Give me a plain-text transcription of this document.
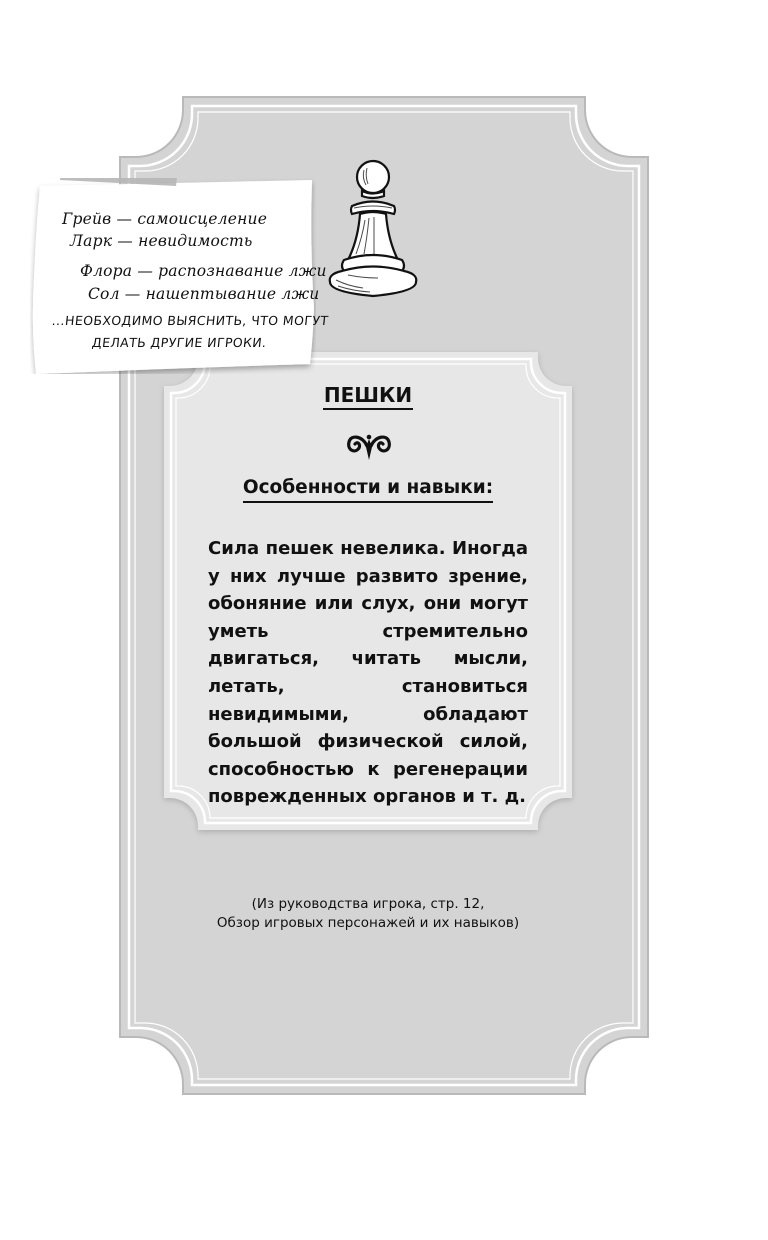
Грейв — самоисцеление
Ларк — невидимость
Флора — распознавание лжи
Сол — нашептывание лжи
...НЕОБХОДИМО ВЫЯСНИТЬ, ЧТО МОГУТ
ДЕЛАТЬ ДРУГИЕ ИГРОКИ.
ПЕШКИ
Особенности и навыки:
Сила пешек невелика. Иногда у них лучше развито зрение, обоняние или слух, они могут уметь стремительно двигаться, читать мысли, летать, становиться невидимыми, обладают большой физической силой, способностью к регенерации поврежденных органов и т. д.
(Из руководства игрока, стр. 12,
Обзор игровых персонажей и их навыков)
